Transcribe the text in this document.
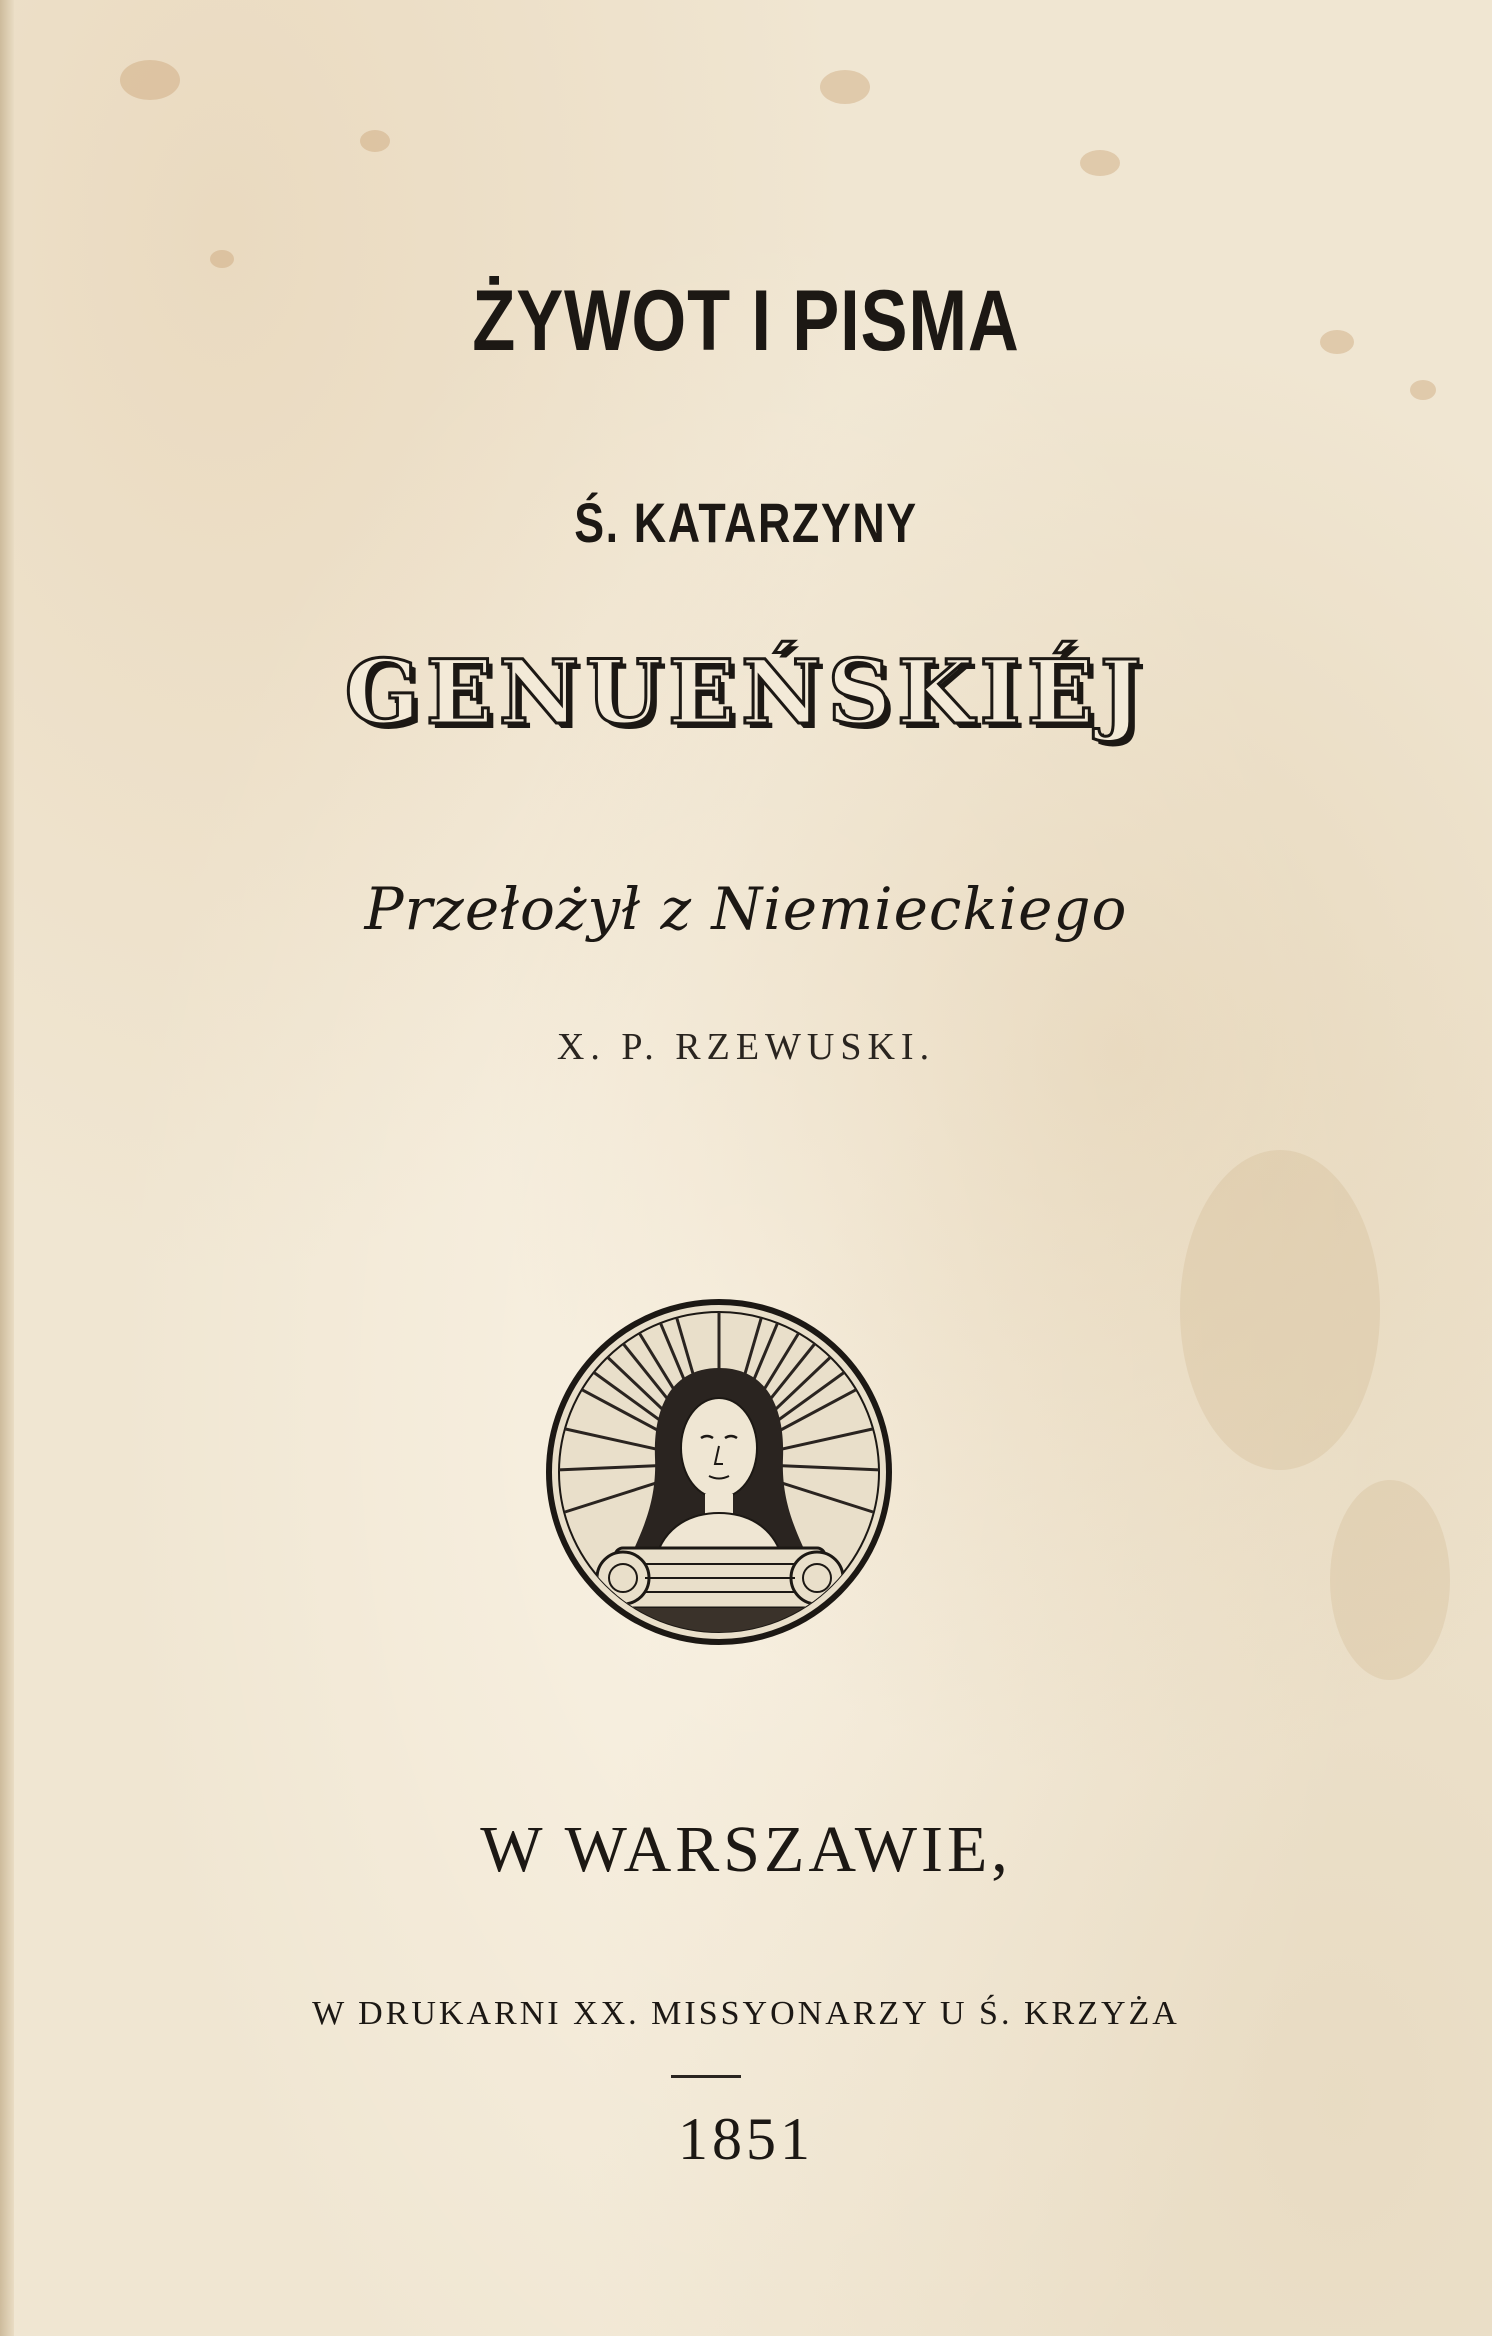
ŻYWOT I PISMA
Ś. KATARZYNY
GENUEŃSKIÉJ
Przełożył z Niemieckiego
X. P. RZEWUSKI.
W WARSZAWIE,
W DRUKARNI XX. MISSYONARZY U Ś. KRZYŻA
1851
